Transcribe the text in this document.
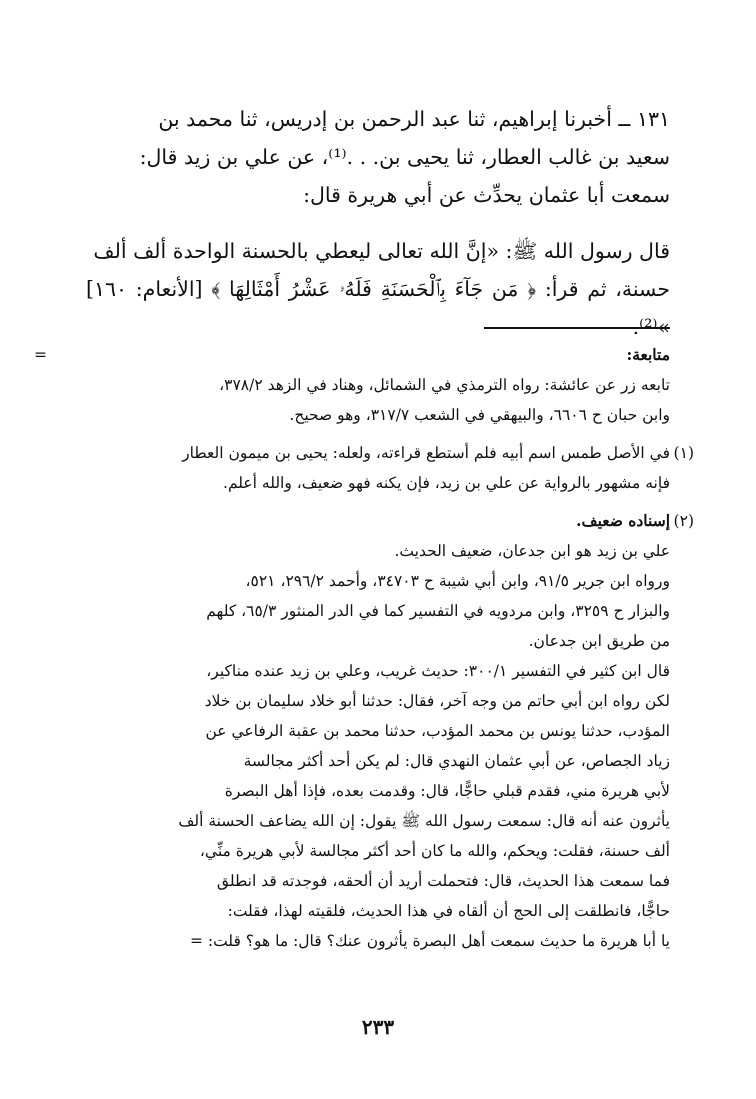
١٣١ ــ أخبرنا إبراهيم، ثنا عبد الرحمن بن إدريس، ثنا محمد بن

سعيد بن غالب العطار، ثنا يحيى بن. . .⁽¹⁾، عن علي بن زيد قال:

سمعت أبا عثمان يحدِّث عن أبي هريرة قال:

قال رسول الله ﷺ: «إنَّ الله تعالى ليعطي بالحسنة الواحدة ألف ألف

حسنة، ثم قرأ: ﴿ مَن جَآءَ بِٱلْحَسَنَةِ فَلَهُۥ عَشْرُ أَمْثَالِهَا ﴾ [الأنعام: ١٦٠] »⁽²⁾.

=	متابعة:

تابعه زر عن عائشة: رواه الترمذي في الشمائل، وهناد في الزهد ٣٧٨/٢،

وابن حبان ح ٦٦٠٦، والبيهقي في الشعب ٣١٧/٧، وهو صحيح.

(١)

في الأصل طمس اسم أبيه فلم أستطع قراءته، ولعله: يحيى بن ميمون العطار

فإنه مشهور بالرواية عن علي بن زيد، فإن يكنه فهو ضعيف، والله أعلم.

(٢)

إسناده ضعيف.

علي بن زيد هو ابن جدعان، ضعيف الحديث.

ورواه ابن جرير ٩١/٥، وابن أبي شيبة ح ٣٤٧٠٣، وأحمد ٢٩٦/٢، ٥٢١،

والبزار ح ٣٢٥٩، وابن مردويه في التفسير كما في الدر المنثور ٦٥/٣، كلهم

من طريق ابن جدعان.

قال ابن كثير في التفسير ٣٠٠/١: حديث غريب، وعلي بن زيد عنده مناكير،

لكن رواه ابن أبي حاتم من وجه آخر، فقال: حدثنا أبو خلاد سليمان بن خلاد

المؤدب، حدثنا يونس بن محمد المؤدب، حدثنا محمد بن عقبة الرفاعي عن

زياد الجصاص، عن أبي عثمان النهدي قال: لم يكن أحد أكثر مجالسة

لأبي هريرة مني، فقدم قبلي حاجًّا، قال: وقدمت بعده، فإذا أهل البصرة

يأثرون عنه أنه قال: سمعت رسول الله ﷺ يقول: إن الله يضاعف الحسنة ألف

ألف حسنة، فقلت: ويحكم، والله ما كان أحد أكثر مجالسة لأبي هريرة منِّي،

فما سمعت هذا الحديث، قال: فتحملت أريد أن ألحقه، فوجدته قد انطلق

حاجًّا، فانطلقت إلى الحج أن ألقاه في هذا الحديث، فلقيته لهذا، فقلت:

يا أبا هريرة ما حديث سمعت أهل البصرة يأثرون عنك؟ قال: ما هو؟ قلت: =

٢٣٣
